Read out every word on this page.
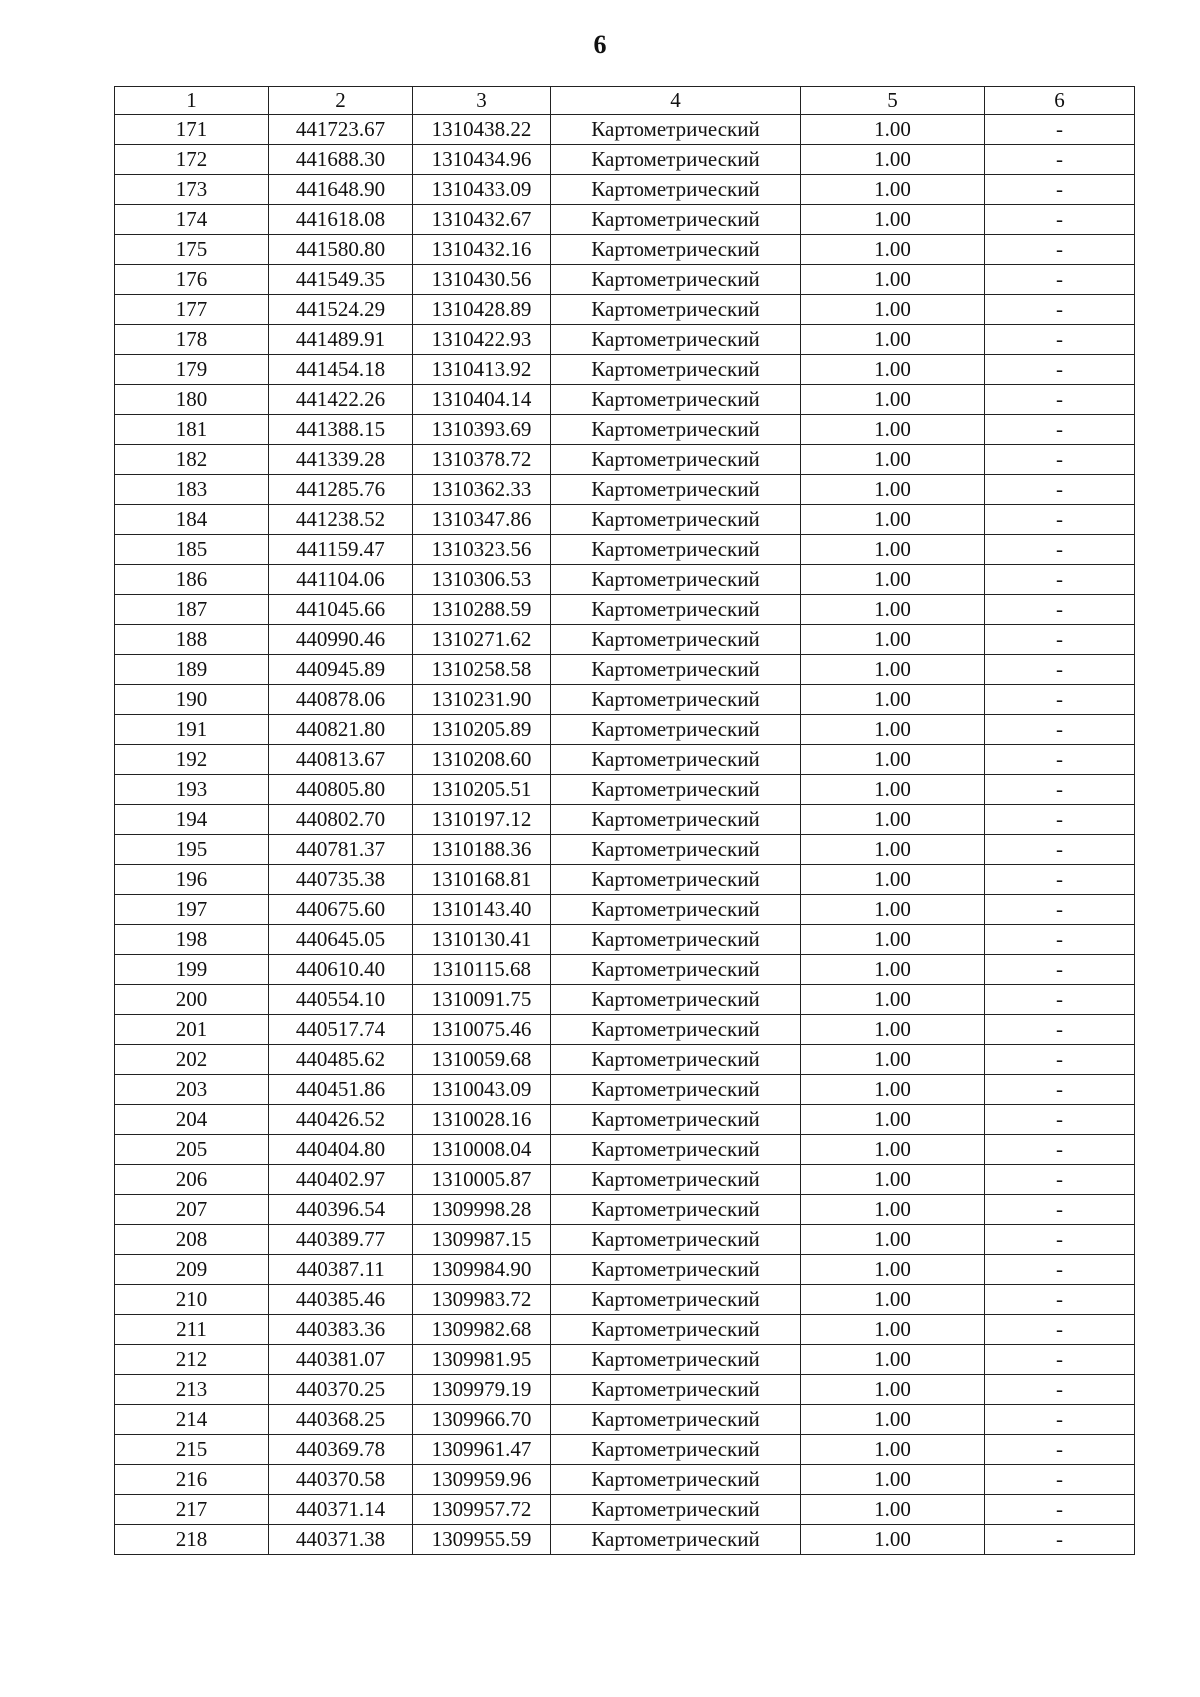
6
1	2	3	4	5	6
171	441723.67	1310438.22	Картометрический	1.00	-
172	441688.30	1310434.96	Картометрический	1.00	-
173	441648.90	1310433.09	Картометрический	1.00	-
174	441618.08	1310432.67	Картометрический	1.00	-
175	441580.80	1310432.16	Картометрический	1.00	-
176	441549.35	1310430.56	Картометрический	1.00	-
177	441524.29	1310428.89	Картометрический	1.00	-
178	441489.91	1310422.93	Картометрический	1.00	-
179	441454.18	1310413.92	Картометрический	1.00	-
180	441422.26	1310404.14	Картометрический	1.00	-
181	441388.15	1310393.69	Картометрический	1.00	-
182	441339.28	1310378.72	Картометрический	1.00	-
183	441285.76	1310362.33	Картометрический	1.00	-
184	441238.52	1310347.86	Картометрический	1.00	-
185	441159.47	1310323.56	Картометрический	1.00	-
186	441104.06	1310306.53	Картометрический	1.00	-
187	441045.66	1310288.59	Картометрический	1.00	-
188	440990.46	1310271.62	Картометрический	1.00	-
189	440945.89	1310258.58	Картометрический	1.00	-
190	440878.06	1310231.90	Картометрический	1.00	-
191	440821.80	1310205.89	Картометрический	1.00	-
192	440813.67	1310208.60	Картометрический	1.00	-
193	440805.80	1310205.51	Картометрический	1.00	-
194	440802.70	1310197.12	Картометрический	1.00	-
195	440781.37	1310188.36	Картометрический	1.00	-
196	440735.38	1310168.81	Картометрический	1.00	-
197	440675.60	1310143.40	Картометрический	1.00	-
198	440645.05	1310130.41	Картометрический	1.00	-
199	440610.40	1310115.68	Картометрический	1.00	-
200	440554.10	1310091.75	Картометрический	1.00	-
201	440517.74	1310075.46	Картометрический	1.00	-
202	440485.62	1310059.68	Картометрический	1.00	-
203	440451.86	1310043.09	Картометрический	1.00	-
204	440426.52	1310028.16	Картометрический	1.00	-
205	440404.80	1310008.04	Картометрический	1.00	-
206	440402.97	1310005.87	Картометрический	1.00	-
207	440396.54	1309998.28	Картометрический	1.00	-
208	440389.77	1309987.15	Картометрический	1.00	-
209	440387.11	1309984.90	Картометрический	1.00	-
210	440385.46	1309983.72	Картометрический	1.00	-
211	440383.36	1309982.68	Картометрический	1.00	-
212	440381.07	1309981.95	Картометрический	1.00	-
213	440370.25	1309979.19	Картометрический	1.00	-
214	440368.25	1309966.70	Картометрический	1.00	-
215	440369.78	1309961.47	Картометрический	1.00	-
216	440370.58	1309959.96	Картометрический	1.00	-
217	440371.14	1309957.72	Картометрический	1.00	-
218	440371.38	1309955.59	Картометрический	1.00	-
